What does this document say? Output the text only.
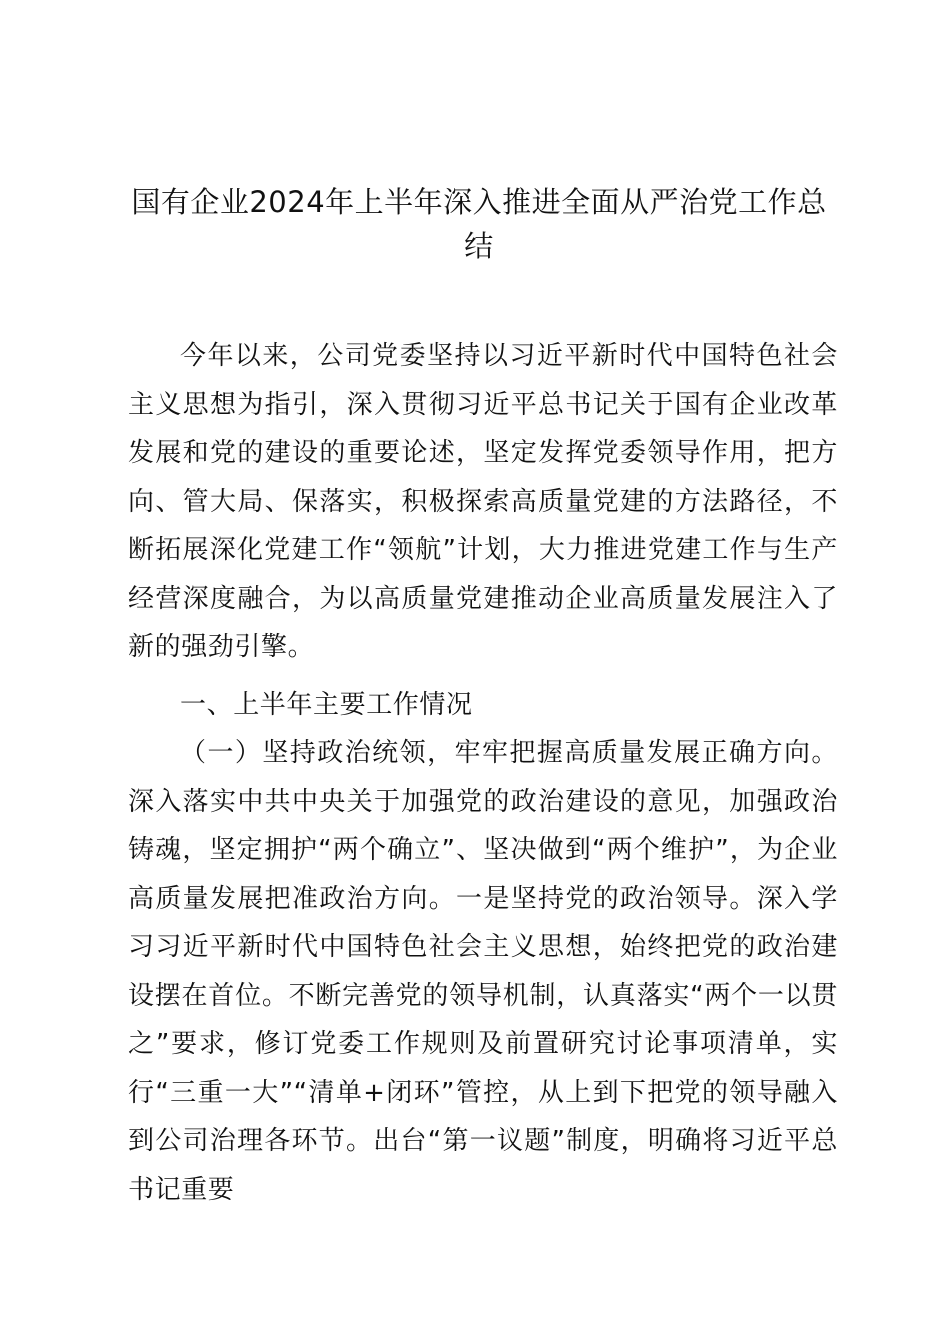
国有企业2024年上半年深入推进全面从严治党工作总结

今年以来，公司党委坚持以习近平新时代中国特色社会主义思想为指引，深入贯彻习近平总书记关于国有企业改革发展和党的建设的重要论述，坚定发挥党委领导作用，把方向、管大局、保落实，积极探索高质量党建的方法路径，不断拓展深化党建工作“领航”计划，大力推进党建工作与生产经营深度融合，为以高质量党建推动企业高质量发展注入了新的强劲引擎。

一、上半年主要工作情况

（一）坚持政治统领，牢牢把握高质量发展正确方向。深入落实中共中央关于加强党的政治建设的意见，加强政治铸魂，坚定拥护“两个确立”、坚决做到“两个维护”，为企业高质量发展把准政治方向。一是坚持党的政治领导。深入学习习近平新时代中国特色社会主义思想，始终把党的政治建设摆在首位。不断完善党的领导机制，认真落实“两个一以贯之”要求，修订党委工作规则及前置研究讨论事项清单，实行“三重一大”“清单+闭环”管控，从上到下把党的领导融入到公司治理各环节。出台“第一议题”制度，明确将习近平总书记重要
